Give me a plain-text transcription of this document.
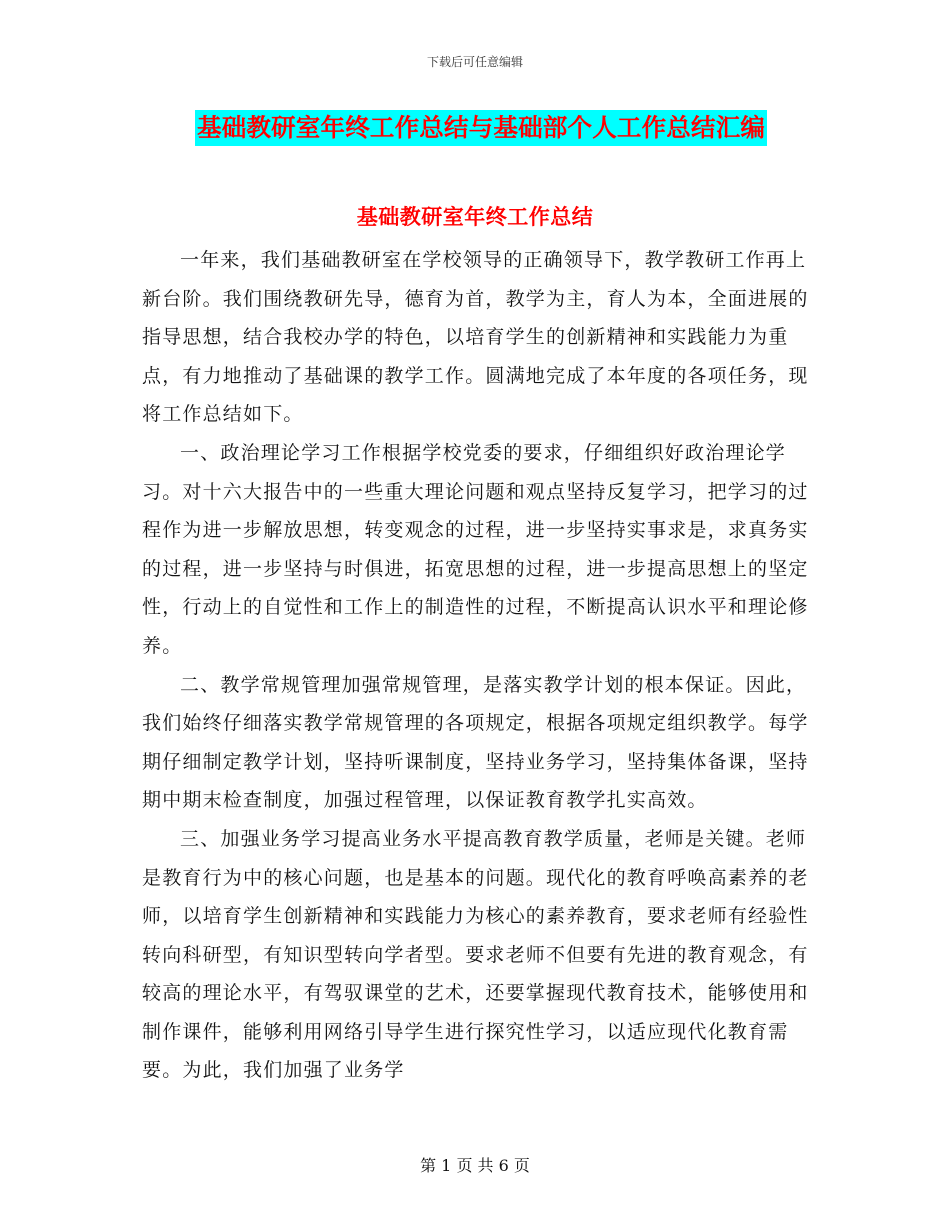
下载后可任意编辑
基础教研室年终工作总结与基础部个人工作总结汇编
基础教研室年终工作总结

一年来，我们基础教研室在学校领导的正确领导下，教学教研工作再上新台阶。我们围绕教研先导，德育为首，教学为主，育人为本，全面进展的指导思想，结合我校办学的特色，以培育学生的创新精神和实践能力为重点，有力地推动了基础课的教学工作。圆满地完成了本年度的各项任务，现将工作总结如下。

一、政治理论学习工作根据学校党委的要求，仔细组织好政治理论学习。对十六大报告中的一些重大理论问题和观点坚持反复学习，把学习的过程作为进一步解放思想，转变观念的过程，进一步坚持实事求是，求真务实的过程，进一步坚持与时俱进，拓宽思想的过程，进一步提高思想上的坚定性，行动上的自觉性和工作上的制造性的过程，不断提高认识水平和理论修养。

二、教学常规管理加强常规管理，是落实教学计划的根本保证。因此，我们始终仔细落实教学常规管理的各项规定，根据各项规定组织教学。每学期仔细制定教学计划，坚持听课制度，坚持业务学习，坚持集体备课，坚持期中期末检查制度，加强过程管理，以保证教育教学扎实高效。

三、加强业务学习提高业务水平提高教育教学质量，老师是关键。老师是教育行为中的核心问题，也是基本的问题。现代化的教育呼唤高素养的老师，以培育学生创新精神和实践能力为核心的素养教育，要求老师有经验性转向科研型，有知识型转向学者型。要求老师不但要有先进的教育观念，有较高的理论水平，有驾驭课堂的艺术，还要掌握现代教育技术，能够使用和制作课件，能够利用网络引导学生进行探究性学习，以适应现代化教育需要。为此，我们加强了业务学

第 1 页 共 6 页
